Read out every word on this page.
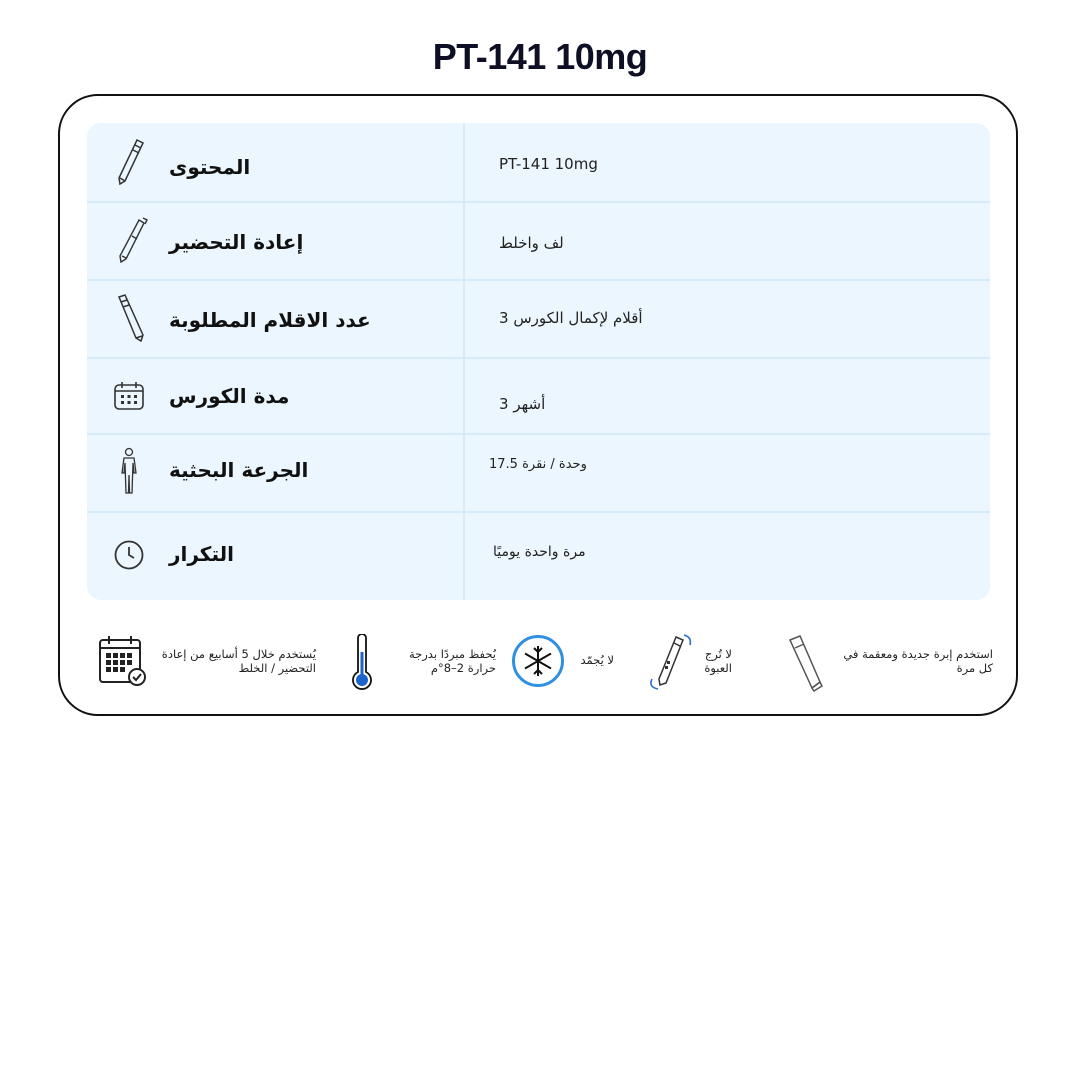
PT-141 10mg
المحتوى	PT-141 10mg
إعادة التحضير	لف واخلط
عدد الاقلام المطلوبة	أقلام لإكمال الكورس 3
مدة الكورس	أشهر 3
الجرعة البحثية	وحدة / نقرة 17.5
التكرار	مرة واحدة يوميًا
يُستخدم خلال 5 أسابيع من إعادة التحضير / الخلط
يُحفظ مبردًا بدرجة حرارة 2–8°م
لا يُجمّد	لا تُرج العبوة
استخدم إبرة جديدة ومعقمة في كل مرة
